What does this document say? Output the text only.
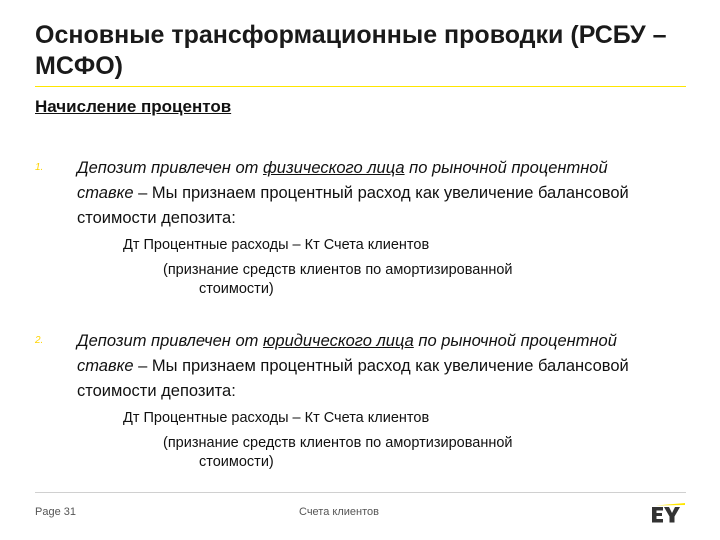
Основные трансформационные проводки (РСБУ – МСФО)
Начисление процентов
1. Депозит привлечен от физического лица по рыночной процентной ставке – Мы признаем процентный расход как увеличение балансовой стоимости депозита:

Дт Процентные расходы – Кт Счета клиентов

(признание средств клиентов по амортизированной
стоимости)

2. Депозит привлечен от юридического лица по рыночной процентной ставке – Мы признаем процентный расход как увеличение балансовой стоимости депозита:

Дт Процентные расходы – Кт Счета клиентов

(признание средств клиентов по амортизированной
стоимости)

Page 31	Счета клиентов
